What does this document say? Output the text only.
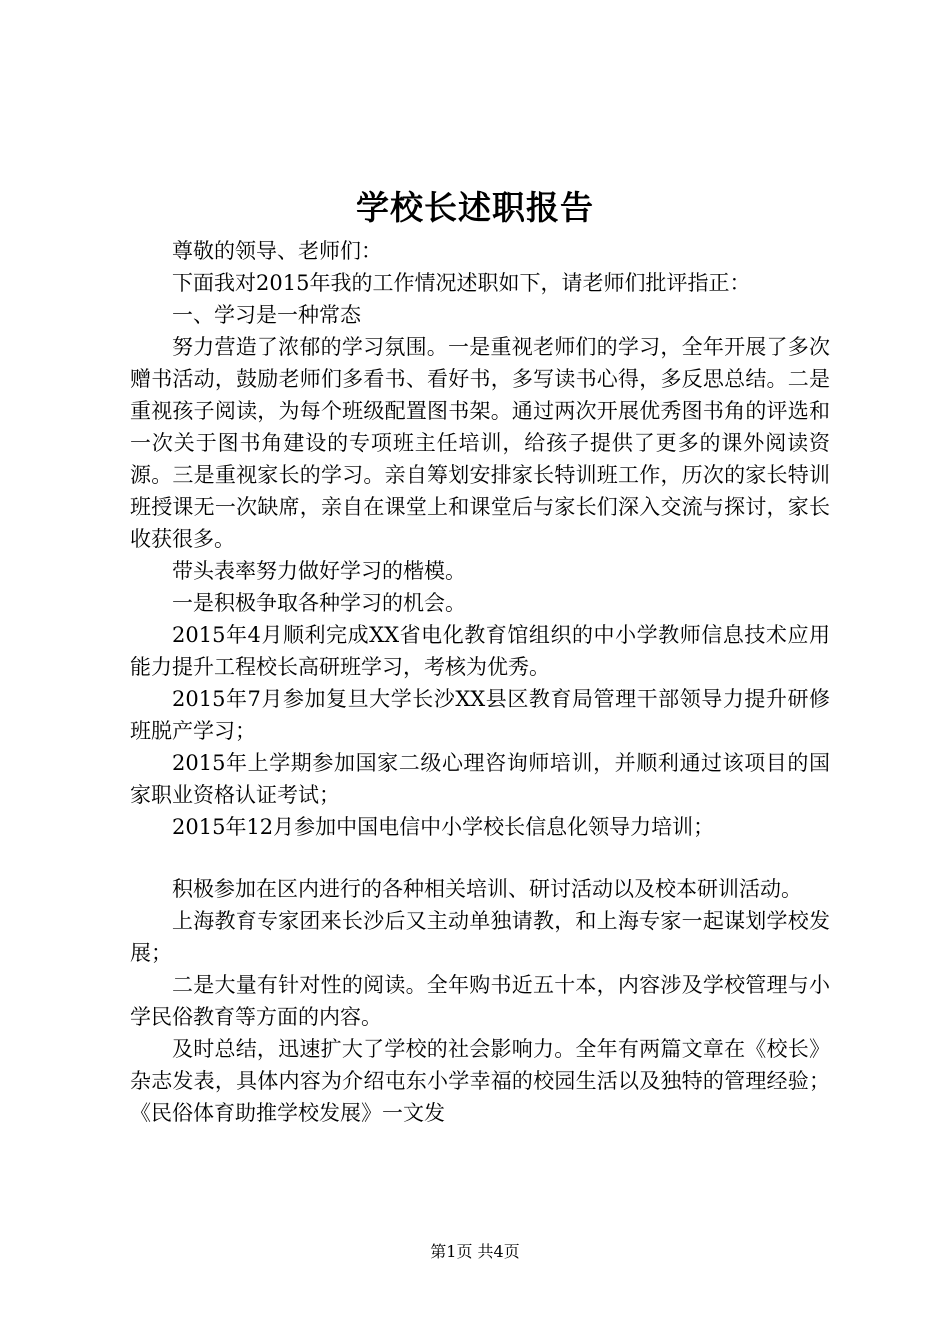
学校长述职报告

尊敬的领导、老师们：

下面我对2015年我的工作情况述职如下，请老师们批评指正：

一、学习是一种常态

努力营造了浓郁的学习氛围。一是重视老师们的学习，全年开展了多次赠书活动，鼓励老师们多看书、看好书，多写读书心得，多反思总结。二是重视孩子阅读，为每个班级配置图书架。通过两次开展优秀图书角的评选和一次关于图书角建设的专项班主任培训，给孩子提供了更多的课外阅读资源。三是重视家长的学习。亲自筹划安排家长特训班工作，历次的家长特训班授课无一次缺席，亲自在课堂上和课堂后与家长们深入交流与探讨，家长收获很多。

带头表率努力做好学习的楷模。

一是积极争取各种学习的机会。

2015年4月顺利完成XX省电化教育馆组织的中小学教师信息技术应用能力提升工程校长高研班学习，考核为优秀。

2015年7月参加复旦大学长沙XX县区教育局管理干部领导力提升研修班脱产学习；

2015年上学期参加国家二级心理咨询师培训，并顺利通过该项目的国家职业资格认证考试；

2015年12月参加中国电信中小学校长信息化领导力培训；

积极参加在区内进行的各种相关培训、研讨活动以及校本研训活动。

上海教育专家团来长沙后又主动单独请教，和上海专家一起谋划学校发展；

二是大量有针对性的阅读。全年购书近五十本，内容涉及学校管理与小学民俗教育等方面的内容。

及时总结，迅速扩大了学校的社会影响力。全年有两篇文章在《校长》杂志发表，具体内容为介绍屯东小学幸福的校园生活以及独特的管理经验；《民俗体育助推学校发展》一文发

第1页 共4页
